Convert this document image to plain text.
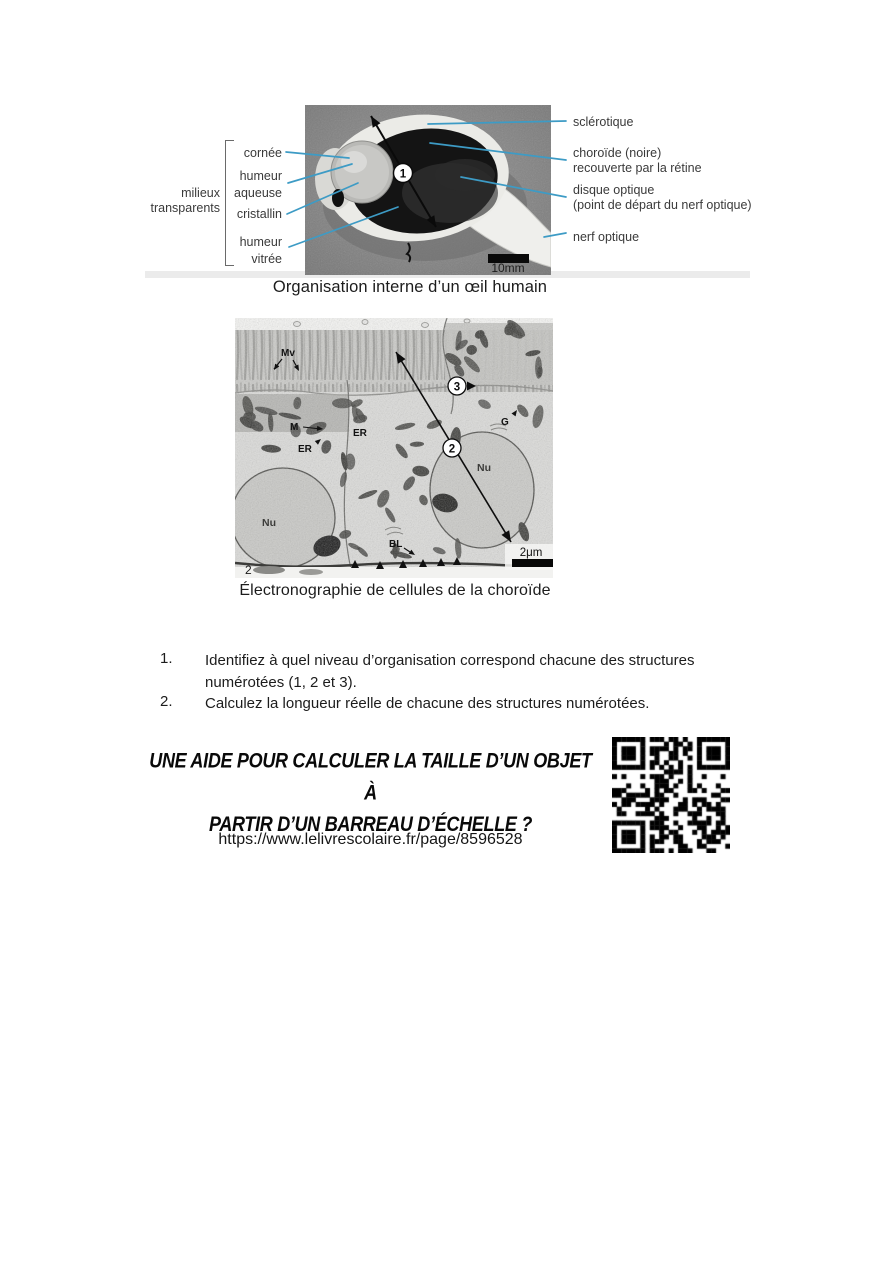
1
10mm
milieux
transparents
cornée
humeur
aqueuse
cristallin
humeur
vitrée
sclérotique
choroïde (noire)
recouverte par la rétine
disque optique
(point de départ du nerf optique)
nerf optique
Organisation interne d’un œil humain
2
3
Mv
M
ER
ER
G
BL
Nu
Nu
2
2μm
Électronographie de cellules de la choroïde
1. Identifiez à quel niveau d’organisation correspond chacune des structures numérotées (1, 2 et 3).
2. Calculez la longueur réelle de chacune des structures numérotées.
UNE AIDE POUR CALCULER LA TAILLE D’UN OBJET À
PARTIR D’UN BARREAU D’ÉCHELLE ?
https://www.lelivrescolaire.fr/page/8596528
